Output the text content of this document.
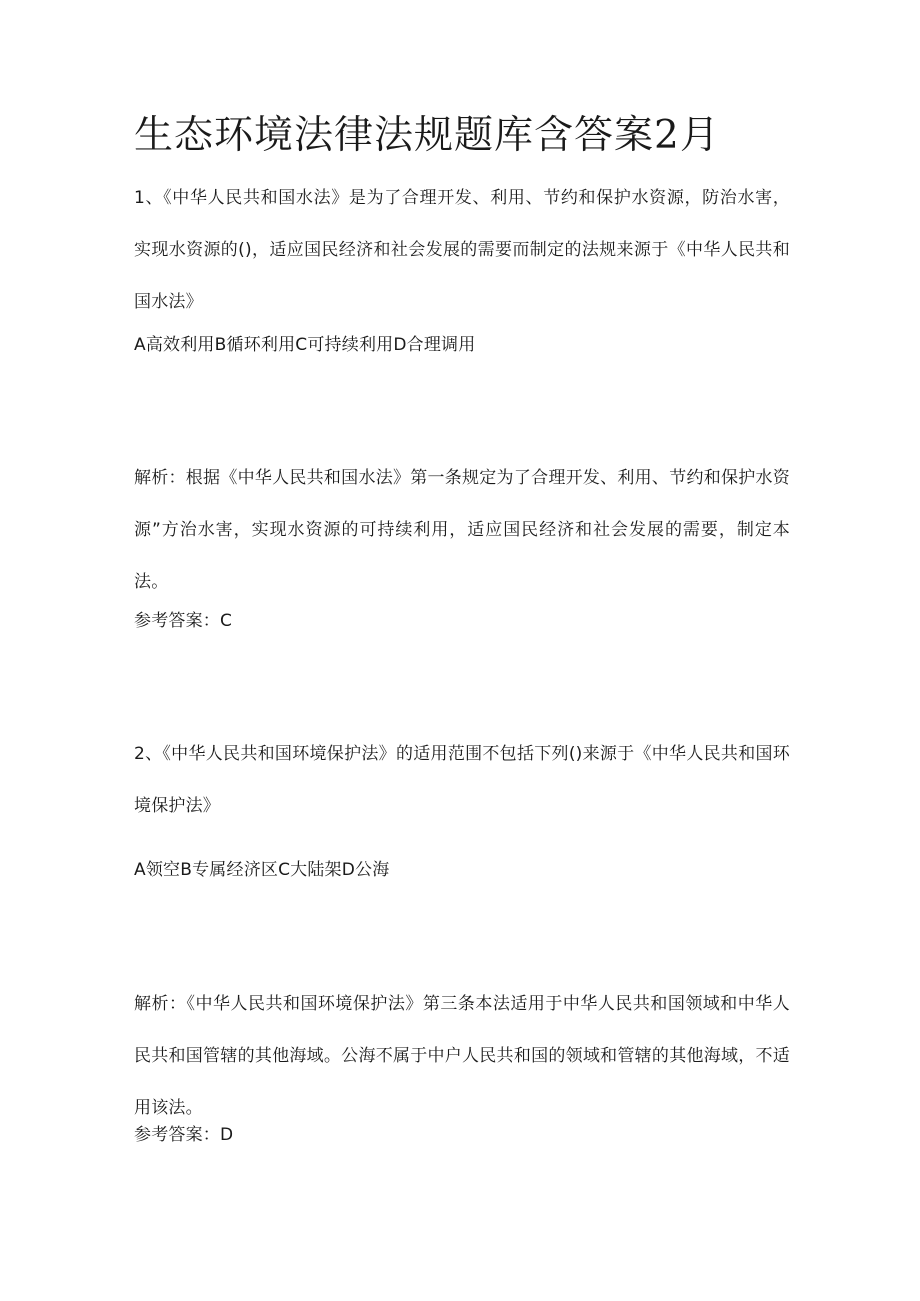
生态环境法律法规题库含答案2月

1、《中华人民共和国水法》是为了合理开发、利用、节约和保护水资源，防治水害，实现水资源的()，适应国民经济和社会发展的需要而制定的法规来源于《中华人民共和国水法》

A高效利用B循环利用C可持续利用D合理调用

解析：根据《中华人民共和国水法》第一条规定为了合理开发、利用、节约和保护水资源”方治水害，实现水资源的可持续利用，适应国民经济和社会发展的需要，制定本法。

参考答案：C

2、《中华人民共和国环境保护法》的适用范围不包括下列()来源于《中华人民共和国环境保护法》

A领空B专属经济区C大陆架D公海

解析：《中华人民共和国环境保护法》第三条本法适用于中华人民共和国领域和中华人民共和国管辖的其他海域。公海不属于中户人民共和国的领域和管辖的其他海域，不适用该法。

参考答案：D
